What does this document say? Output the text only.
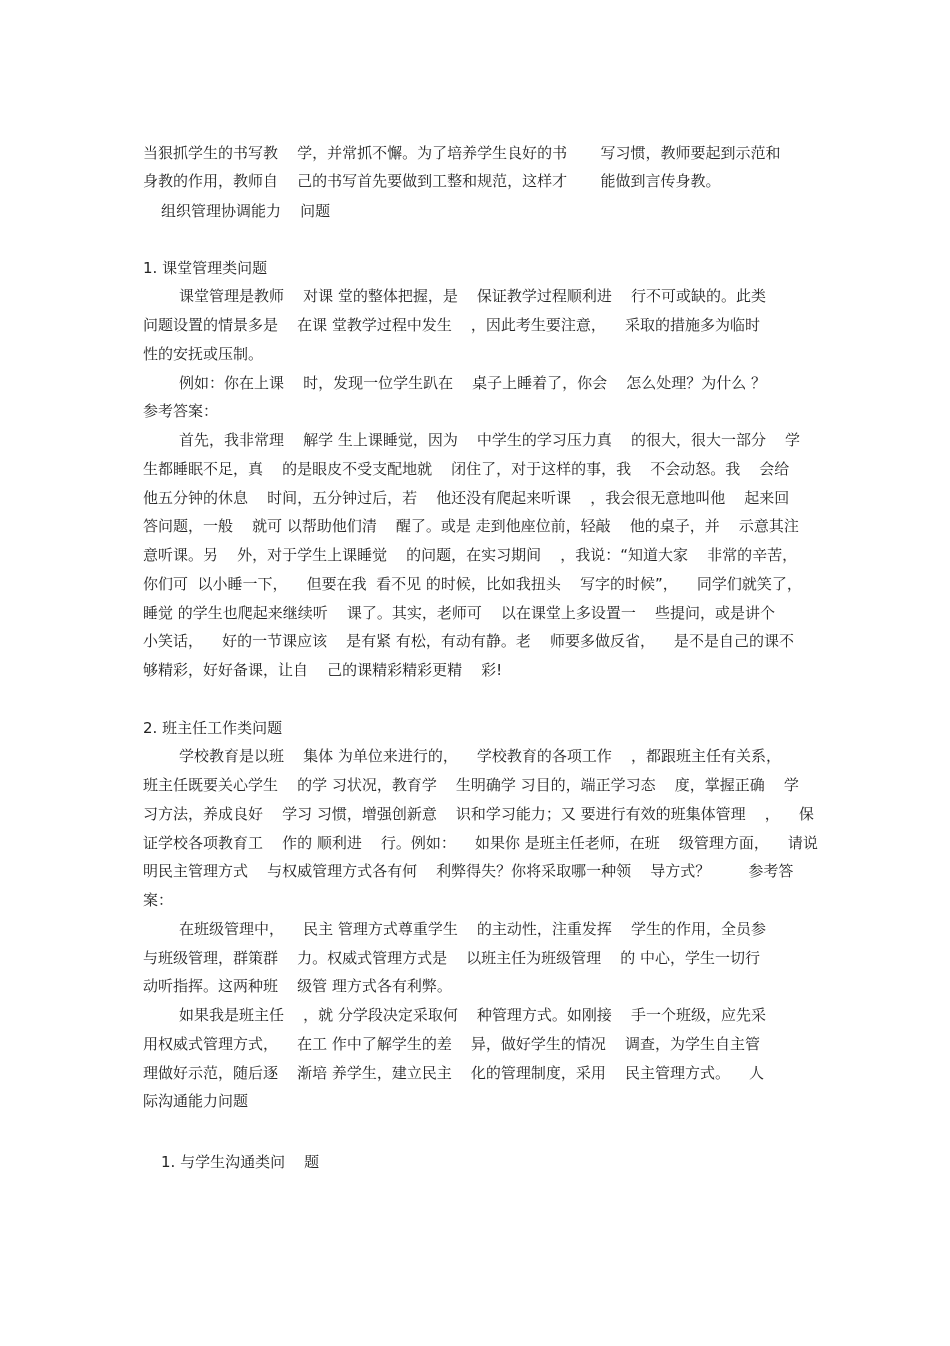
当狠抓学生的书写教    学，并常抓不懈。为了培养学生良好的书       写习惯，教师要起到示范和
身教的作用，教师自    己的书写首先要做到工整和规范，这样才       能做到言传身教。
组织管理协调能力    问题
1. 课堂管理类问题
课堂管理是教师    对课 堂的整体把握，是    保证教学过程顺利进    行不可或缺的。此类
问题设置的情景多是    在课 堂教学过程中发生    ，因此考生要注意，    采取的措施多为临时
性的安抚或压制。
例如：你在上课    时，发现一位学生趴在    桌子上睡着了，你会    怎么处理？为什么 ？
参考答案：
首先，我非常理    解学 生上课睡觉，因为    中学生的学习压力真    的很大，很大一部分    学
生都睡眠不足，真    的是眼皮不受支配地就    闭住了，对于这样的事，我    不会动怒。我    会给
他五分钟的休息    时间，五分钟过后，若    他还没有爬起来听课    ，我会很无意地叫他    起来回
答问题，一般    就可 以帮助他们清    醒了。或是 走到他座位前，轻敲    他的桌子，并    示意其注
意听课。另    外，对于学生上课睡觉    的问题，在实习期间    ，我说：“知道大家    非常的辛苦，
你们可  以小睡一下，    但要在我  看不见 的时候，比如我扭头    写字的时候”，    同学们就笑了，
睡觉 的学生也爬起来继续听    课了。其实，老师可    以在课堂上多设置一    些提问，或是讲个
小笑话，    好的一节课应该    是有紧 有松，有动有静。老    师要多做反省，    是不是自己的课不
够精彩，好好备课，让自    己的课精彩精彩更精    彩!
2. 班主任工作类问题
学校教育是以班    集体 为单位来进行的，    学校教育的各项工作    ，都跟班主任有关系，
班主任既要关心学生    的学 习状况，教育学    生明确学 习目的，端正学习态    度，掌握正确    学
习方法，养成良好    学习 习惯，增强创新意    识和学习能力；又 要进行有效的班集体管理    ，    保
证学校各项教育工    作的 顺利进    行。例如：    如果你 是班主任老师，在班    级管理方面，    请说
明民主管理方式    与权威管理方式各有何    利弊得失？你将采取哪一种领    导方式？        参考答
案：
在班级管理中，    民主 管理方式尊重学生    的主动性，注重发挥    学生的作用，全员参
与班级管理，群策群    力。权威式管理方式是    以班主任为班级管理    的 中心，学生一切行
动听指挥。这两种班    级管 理方式各有利弊。
如果我是班主任    ，就 分学段决定采取何    种管理方式。如刚接    手一个班级，应先采
用权威式管理方式，    在工 作中了解学生的差    异，做好学生的情况    调查，为学生自主管
理做好示范，随后逐    渐培 养学生，建立民主    化的管理制度，采用    民主管理方式。    人
际沟通能力问题
1. 与学生沟通类问    题
